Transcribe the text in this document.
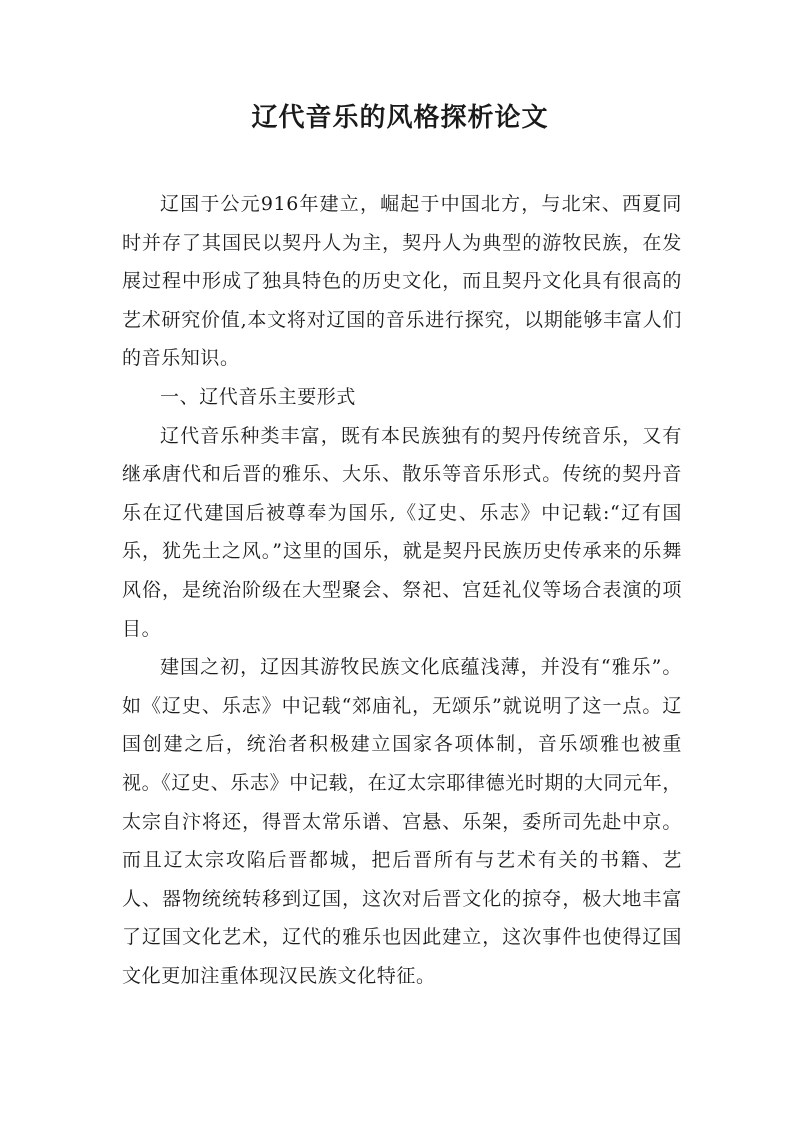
辽代音乐的风格探析论文

辽国于公元916年建立，崛起于中国北方，与北宋、西夏同时并存了其国民以契丹人为主，契丹人为典型的游牧民族，在发展过程中形成了独具特色的历史文化，而且契丹文化具有很高的艺术研究价值,本文将对辽国的音乐进行探究，以期能够丰富人们的音乐知识。

一、辽代音乐主要形式

辽代音乐种类丰富，既有本民族独有的契丹传统音乐，又有继承唐代和后晋的雅乐、大乐、散乐等音乐形式。传统的契丹音乐在辽代建国后被尊奉为国乐,《辽史、乐志》中记载:“辽有国乐，犹先土之风。”这里的国乐，就是契丹民族历史传承来的乐舞风俗，是统治阶级在大型聚会、祭祀、宫廷礼仪等场合表演的项目。

建国之初，辽因其游牧民族文化底蕴浅薄，并没有“雅乐”。如《辽史、乐志》中记载“郊庙礼，无颂乐”就说明了这一点。辽国创建之后，统治者积极建立国家各项体制，音乐颂雅也被重视。《辽史、乐志》中记载，在辽太宗耶律德光时期的大同元年，太宗自汴将还，得晋太常乐谱、宫悬、乐架，委所司先赴中京。而且辽太宗攻陷后晋都城，把后晋所有与艺术有关的书籍、艺人、器物统统转移到辽国，这次对后晋文化的掠夺，极大地丰富了辽国文化艺术，辽代的雅乐也因此建立，这次事件也使得辽国文化更加注重体现汉民族文化特征。
